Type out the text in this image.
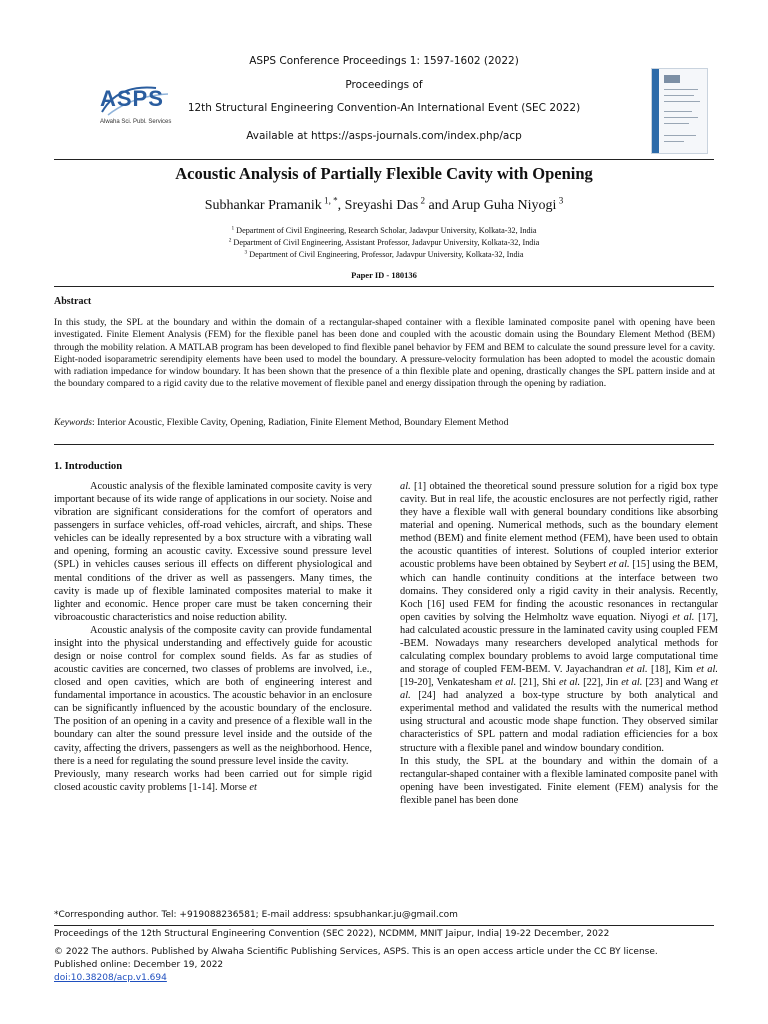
ASPS Conference Proceedings 1: 1597-1602 (2022)
Proceedings of
12th Structural Engineering Convention-An International Event (SEC 2022)
Available at https://asps-journals.com/index.php/acp
ASPS
Alwaha Sci. Publ. Services
Acoustic Analysis of Partially Flexible Cavity with Opening
Subhankar Pramanik $^{1, *}$, Sreyashi Das $^2$ and Arup Guha Niyogi $^3$
$^1$ Department of Civil Engineering, Research Scholar, Jadavpur University, Kolkata-32, India
$^2$ Department of Civil Engineering, Assistant Professor, Jadavpur University, Kolkata-32, India
$^3$ Department of Civil Engineering, Professor, Jadavpur University, Kolkata-32, India
Paper ID - 180136
Abstract

In this study, the SPL at the boundary and within the domain of a rectangular-shaped container with a flexible laminated composite panel with opening have been investigated. Finite Element Analysis (FEM) for the flexible panel has been done and coupled with the acoustic domain using the Boundary Element Method (BEM) through the mobility relation. A MATLAB program has been developed to find flexible panel behavior by FEM and BEM to calculate the sound pressure level for a cavity. Eight-noded isoparametric serendipity elements have been used to model the boundary. A pressure-velocity formulation has been adopted to model the acoustic domain with radiation impedance for window boundary. It has been shown that the presence of a thin flexible plate and opening, drastically changes the SPL pattern inside and at the boundary compared to a rigid cavity due to the relative movement of flexible panel and energy dissipation through the opening by radiation.

Keywords: Interior Acoustic, Flexible Cavity, Opening, Radiation, Finite Element Method, Boundary Element Method
1. Introduction

Acoustic analysis of the flexible laminated composite cavity is very important because of its wide range of applications in our society. Noise and vibration are significant considerations for the comfort of operators and passengers in surface vehicles, off-road vehicles, aircraft, and ships. These vehicles can be ideally represented by a box structure with a vibrating wall and opening, forming an acoustic cavity. Excessive sound pressure level (SPL) in vehicles causes serious ill effects on different physiological and mental conditions of the driver as well as passengers. Many times, the cavity is made up of flexible laminated composites material to make it lighter and economic. Hence proper care must be taken concerning their vibroacoustic characteristics and noise reduction ability.

Acoustic analysis of the composite cavity can provide fundamental insight into the physical understanding and effectively guide for acoustic design or noise control for complex sound fields. As far as studies of acoustic cavities are concerned, two classes of problems are involved, i.e., closed and open cavities, which are both of engineering interest and fundamental importance in acoustics. The acoustic behavior in an enclosure can be significantly influenced by the acoustic boundary of the enclosure. The position of an opening in a cavity and presence of a flexible wall in the boundary can alter the sound pressure level inside and the outside of the cavity, affecting the drivers, passengers as well as the neighborhood. Hence, there is a need for regulating the sound pressure level inside the cavity.

Previously, many research works had been carried out for simple rigid closed acoustic cavity problems [1-14]. Morse et

al. [1] obtained the theoretical sound pressure solution for a rigid box type cavity. But in real life, the acoustic enclosures are not perfectly rigid, rather they have a flexible wall with general boundary conditions like absorbing material and opening. Numerical methods, such as the boundary element method (BEM) and finite element method (FEM), have been used to obtain the acoustic quantities of interest. Solutions of coupled interior exterior acoustic problems have been obtained by Seybert et al. [15] using the BEM, which can handle continuity conditions at the interface between two domains. They considered only a rigid cavity in their analysis. Recently, Koch [16] used FEM for finding the acoustic resonances in rectangular open cavities by solving the Helmholtz wave equation. Niyogi et al. [17], had calculated acoustic pressure in the laminated cavity using coupled FEM -BEM. Nowadays many researchers developed analytical methods for calculating complex boundary problems to avoid large computational time and storage of coupled FEM-BEM. V. Jayachandran et al. [18], Kim et al. [19-20], Venkatesham et al. [21], Shi et al. [22], Jin et al. [23] and Wang et al. [24] had analyzed a box-type structure by both analytical and experimental method and validated the results with the numerical method using structural and acoustic mode shape function. They observed similar characteristics of SPL pattern and modal radiation efficiencies for a box structure with a flexible panel and window boundary condition.

In this study, the SPL at the boundary and within the domain of a rectangular-shaped container with a flexible laminated composite panel with opening have been investigated. Finite element (FEM) analysis for the flexible panel has been done

*Corresponding author. Tel: +919088236581; E-mail address: spsubhankar.ju@gmail.com
Proceedings of the 12th Structural Engineering Convention (SEC 2022), NCDMM, MNIT Jaipur, India| 19-22 December, 2022
© 2022 The authors. Published by Alwaha Scientific Publishing Services, ASPS. This is an open access article under the CC BY license.
Published online: December 19, 2022
doi:10.38208/acp.v1.694
